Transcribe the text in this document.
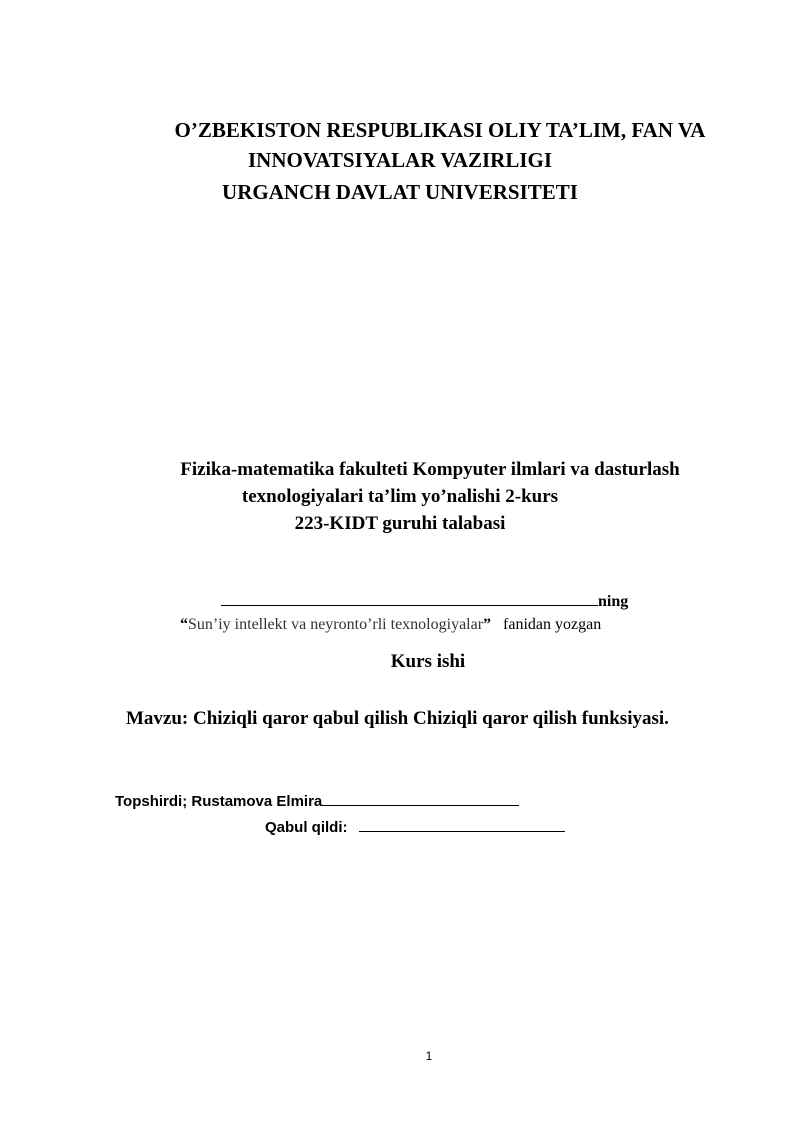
O’ZBEKISTON RESPUBLIKASI OLIY TA’LIM, FAN VA
INNOVATSIYALAR VAZIRLIGI
URGANCH DAVLAT UNIVERSITETI
Fizika-matematika fakulteti Kompyuter ilmlari va dasturlash
texnologiyalari ta’lim yo’nalishi 2-kurs
223-KIDT guruhi talabasi
ning
“Sun’iy intellekt va neyronto’rli texnologiyalar” fanidan yozgan
Kurs ishi
Mavzu: Chiziqli qaror qabul qilish Chiziqli qaror qilish funksiyasi.
Topshirdi; Rustamova Elmira
Qabul qildi:
1
